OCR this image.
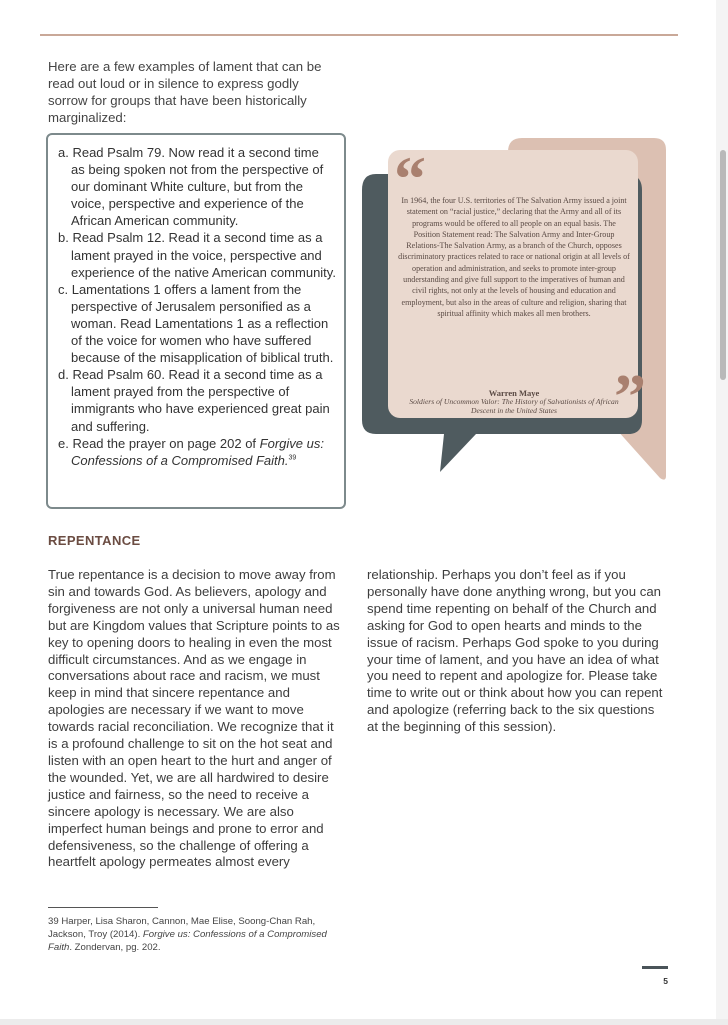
Here are a few examples of lament that can be read out loud or in silence to express godly sorrow for groups that have been historically marginalized:

a. Read Psalm 79. Now read it a second time as being spoken not from the perspective of our dominant White culture, but from the voice, perspective and experience of the African American community.
b. Read Psalm 12. Read it a second time as a lament prayed in the voice, perspective and experience of the native American community.
c. Lamentations 1 offers a lament from the perspective of Jerusalem personified as a woman. Read Lamentations 1 as a reflection of the voice for women who have suffered because of the misapplication of biblical truth.
d. Read Psalm 60. Read it a second time as a lament prayed from the perspective of immigrants who have experienced great pain and suffering.
e. Read the prayer on page 202 of Forgive us: Confessions of a Compromised Faith.$^{39}$
“
”

In 1964, the four U.S. territories of The Salvation Army issued a joint statement on “racial justice,” declaring that the Army and all of its programs would be offered to all people on an equal basis. The Position Statement read: The Salvation Army and Inter-Group Relations-The Salvation Army, as a branch of the Church, opposes discriminatory practices related to race or national origin at all levels of operation and administration, and seeks to promote inter-group understanding and give full support to the imperatives of human and civil rights, not only at the levels of housing and education and employment, but also in the areas of culture and religion, sharing that spiritual affinity which makes all men brothers.

Warren Maye

Soldiers of Uncommon Valor: The History of Salvationists of African Descent in the United States

REPENTANCE

True repentance is a decision to move away from sin and towards God. As believers, apology and forgiveness are not only a universal human need but are Kingdom values that Scripture points to as key to opening doors to healing in even the most difficult circumstances. And as we engage in conversations about race and racism, we must keep in mind that sincere repentance and apologies are necessary if we want to move towards racial reconciliation. We recognize that it is a profound challenge to sit on the hot seat and listen with an open heart to the hurt and anger of the wounded. Yet, we are all hardwired to desire justice and fairness, so the need to receive a sincere apology is necessary. We are also imperfect human beings and prone to error and defensiveness, so the challenge of offering a heartfelt apology permeates almost every

relationship. Perhaps you don’t feel as if you personally have done anything wrong, but you can spend time repenting on behalf of the Church and asking for God to open hearts and minds to the issue of racism. Perhaps God spoke to you during your time of lament, and you have an idea of what you need to repent and apologize for. Please take time to write out or think about how you can repent and apologize (referring back to the six questions at the beginning of this session).

39 Harper, Lisa Sharon, Cannon, Mae Elise, Soong-Chan Rah, Jackson, Troy (2014). Forgive us: Confessions of a Compromised Faith. Zondervan, pg. 202.

5
